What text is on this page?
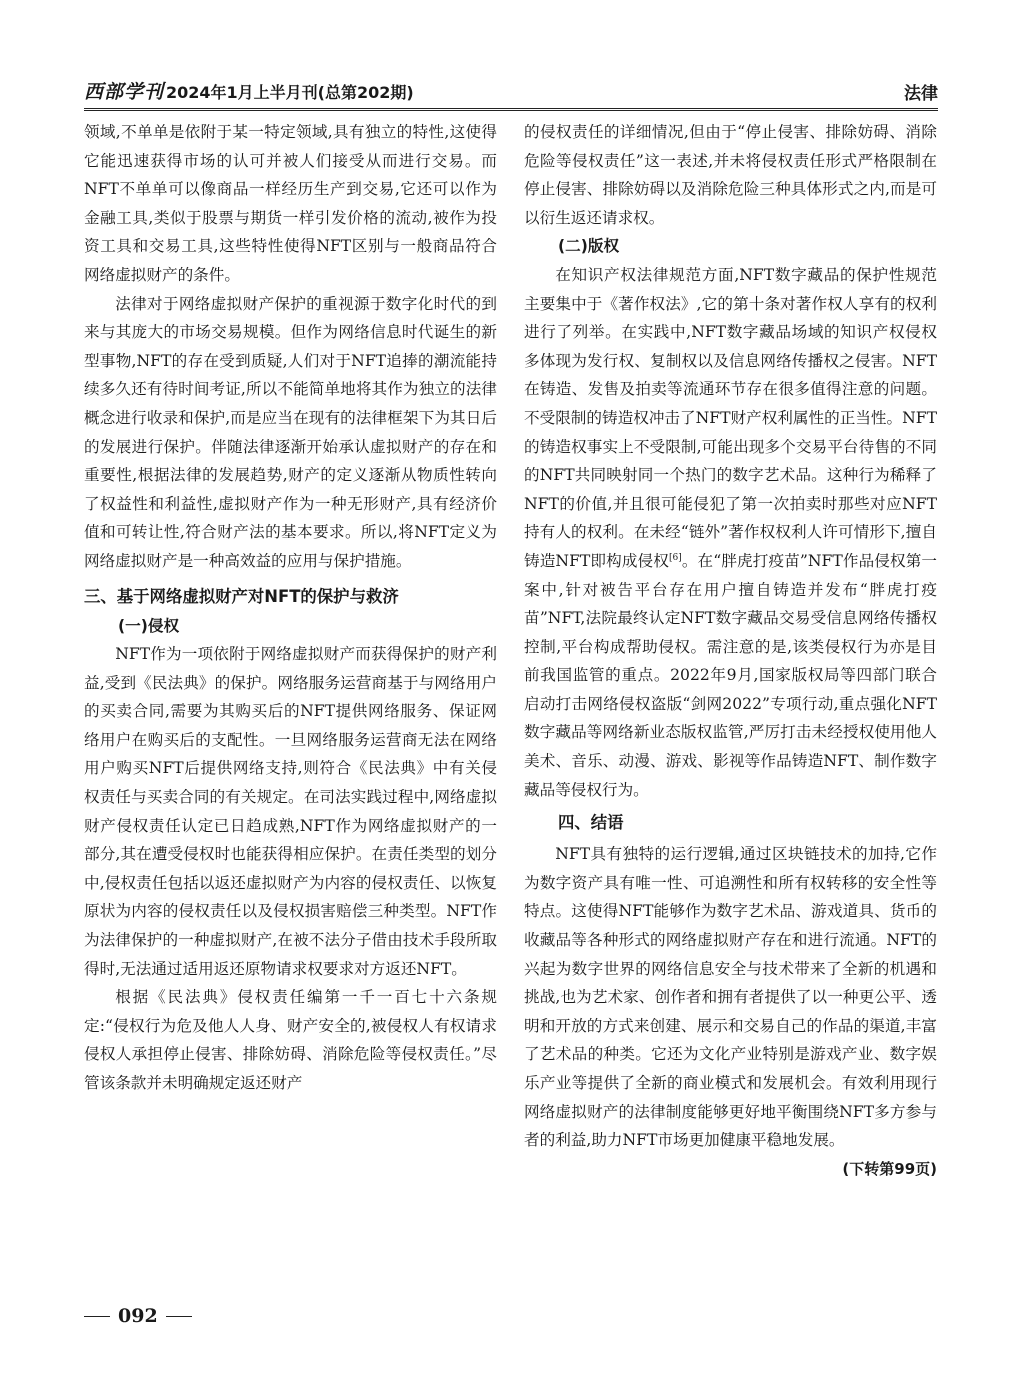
西部学刊 2024年1月上半月刊(总第202期)	法律

领域,不单单是依附于某一特定领域,具有独立的特性,这使得它能迅速获得市场的认可并被人们接受从而进行交易。而NFT不单单可以像商品一样经历生产到交易,它还可以作为金融工具,类似于股票与期货一样引发价格的流动,被作为投资工具和交易工具,这些特性使得NFT区别与一般商品符合网络虚拟财产的条件。

法律对于网络虚拟财产保护的重视源于数字化时代的到来与其庞大的市场交易规模。但作为网络信息时代诞生的新型事物,NFT的存在受到质疑,人们对于NFT追捧的潮流能持续多久还有待时间考证,所以不能简单地将其作为独立的法律概念进行收录和保护,而是应当在现有的法律框架下为其日后的发展进行保护。伴随法律逐渐开始承认虚拟财产的存在和重要性,根据法律的发展趋势,财产的定义逐渐从物质性转向了权益性和利益性,虚拟财产作为一种无形财产,具有经济价值和可转让性,符合财产法的基本要求。所以,将NFT定义为网络虚拟财产是一种高效益的应用与保护措施。

三、基于网络虚拟财产对NFT的保护与救济
(一)侵权

NFT作为一项依附于网络虚拟财产而获得保护的财产利益,受到《民法典》的保护。网络服务运营商基于与网络用户的买卖合同,需要为其购买后的NFT提供网络服务、保证网络用户在购买后的支配性。一旦网络服务运营商无法在网络用户购买NFT后提供网络支持,则符合《民法典》中有关侵权责任与买卖合同的有关规定。在司法实践过程中,网络虚拟财产侵权责任认定已日趋成熟,NFT作为网络虚拟财产的一部分,其在遭受侵权时也能获得相应保护。在责任类型的划分中,侵权责任包括以返还虚拟财产为内容的侵权责任、以恢复原状为内容的侵权责任以及侵权损害赔偿三种类型。NFT作为法律保护的一种虚拟财产,在被不法分子借由技术手段所取得时,无法通过适用返还原物请求权要求对方返还NFT。

根据《民法典》侵权责任编第一千一百七十六条规定:“侵权行为危及他人人身、财产安全的,被侵权人有权请求侵权人承担停止侵害、排除妨碍、消除危险等侵权责任。”尽管该条款并未明确规定返还财产

的侵权责任的详细情况,但由于“停止侵害、排除妨碍、消除危险等侵权责任”这一表述,并未将侵权责任形式严格限制在停止侵害、排除妨碍以及消除危险三种具体形式之内,而是可以衍生返还请求权。

(二)版权

在知识产权法律规范方面,NFT数字藏品的保护性规范主要集中于《著作权法》,它的第十条对著作权人享有的权利进行了列举。在实践中,NFT数字藏品场域的知识产权侵权多体现为发行权、复制权以及信息网络传播权之侵害。NFT在铸造、发售及拍卖等流通环节存在很多值得注意的问题。不受限制的铸造权冲击了NFT财产权利属性的正当性。NFT的铸造权事实上不受限制,可能出现多个交易平台待售的不同的NFT共同映射同一个热门的数字艺术品。这种行为稀释了NFT的价值,并且很可能侵犯了第一次拍卖时那些对应NFT持有人的权利。在未经“链外”著作权权利人许可情形下,擅自铸造NFT即构成侵权[6]。在“胖虎打疫苗”NFT作品侵权第一案中,针对被告平台存在用户擅自铸造并发布“胖虎打疫苗”NFT,法院最终认定NFT数字藏品交易受信息网络传播权控制,平台构成帮助侵权。需注意的是,该类侵权行为亦是目前我国监管的重点。2022年9月,国家版权局等四部门联合启动打击网络侵权盗版“剑网2022”专项行动,重点强化NFT数字藏品等网络新业态版权监管,严厉打击未经授权使用他人美术、音乐、动漫、游戏、影视等作品铸造NFT、制作数字藏品等侵权行为。

四、结语

NFT具有独特的运行逻辑,通过区块链技术的加持,它作为数字资产具有唯一性、可追溯性和所有权转移的安全性等特点。这使得NFT能够作为数字艺术品、游戏道具、货币的收藏品等各种形式的网络虚拟财产存在和进行流通。NFT的兴起为数字世界的网络信息安全与技术带来了全新的机遇和挑战,也为艺术家、创作者和拥有者提供了以一种更公平、透明和开放的方式来创建、展示和交易自己的作品的渠道,丰富了艺术品的种类。它还为文化产业特别是游戏产业、数字娱乐产业等提供了全新的商业模式和发展机会。有效利用现行网络虚拟财产的法律制度能够更好地平衡围绕NFT多方参与者的利益,助力NFT市场更加健康平稳地发展。
(下转第99页)

092
